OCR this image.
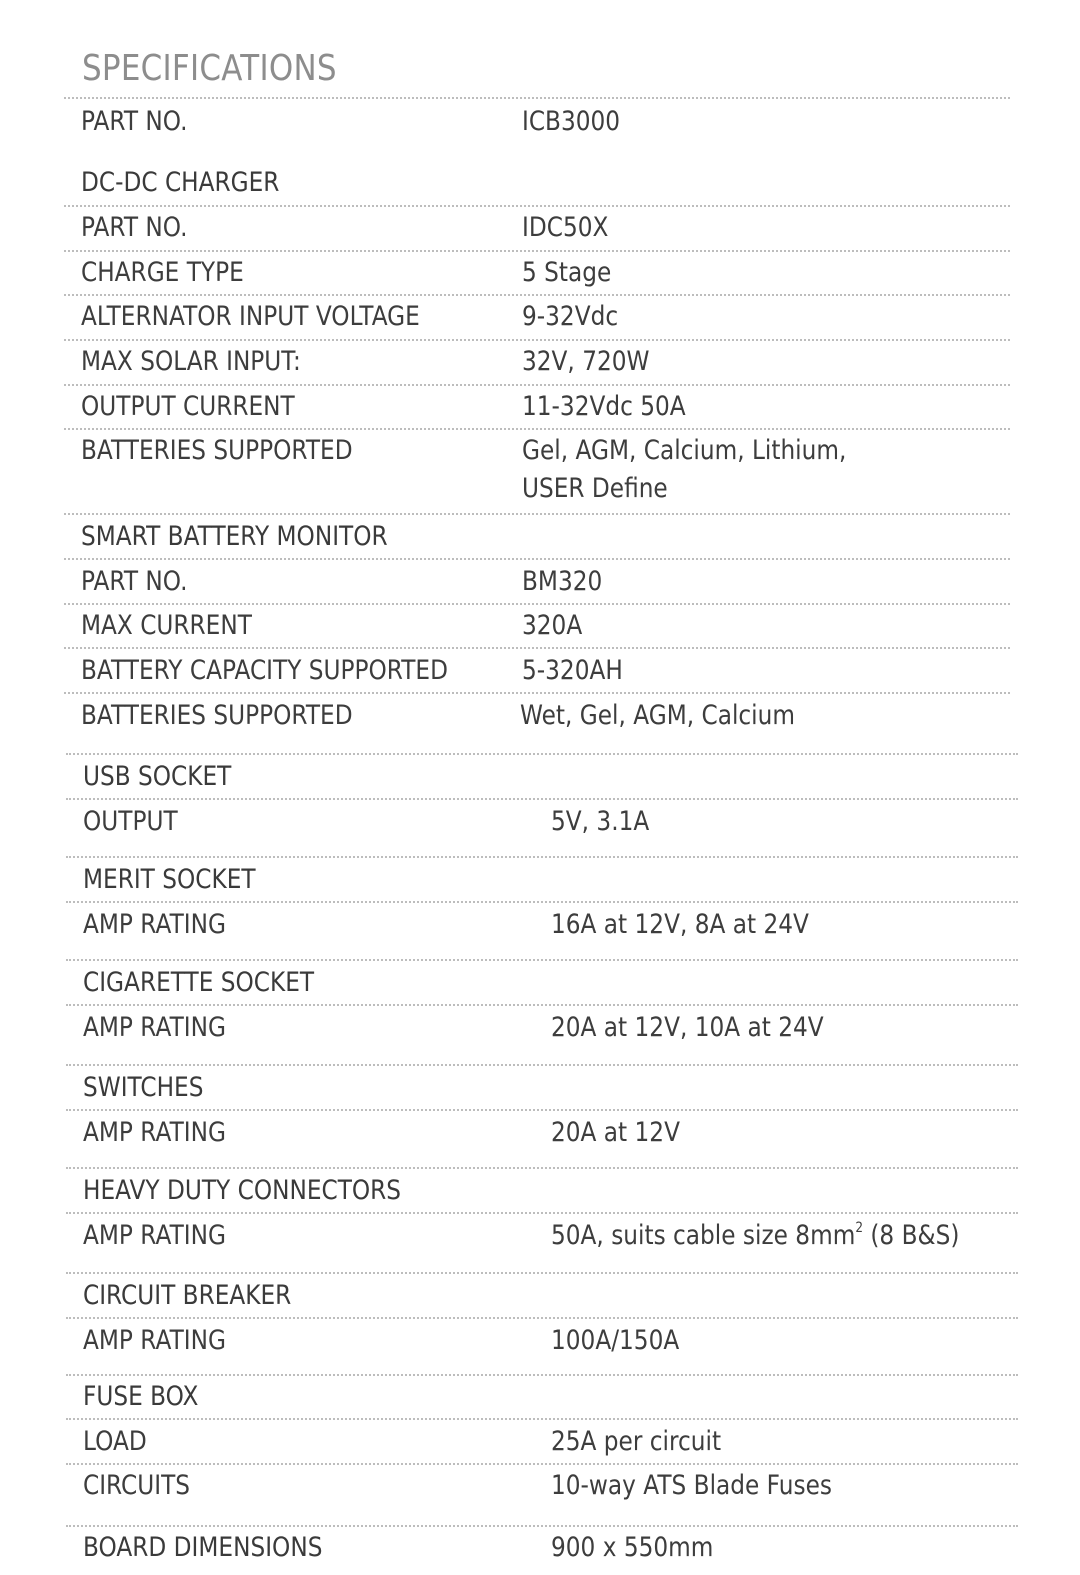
SPECIFICATIONS
PART NO.	ICB3000
DC-DC CHARGER
PART NO.	IDC50X
CHARGE TYPE	5 Stage
ALTERNATOR INPUT VOLTAGE	9-32Vdc
MAX SOLAR INPUT:	32V, 720W
OUTPUT CURRENT	11-32Vdc 50A
BATTERIES SUPPORTED	Gel, AGM, Calcium, Lithium,
USER Define
SMART BATTERY MONITOR
PART NO.	BM320
MAX CURRENT	320A
BATTERY CAPACITY SUPPORTED	5-320AH
BATTERIES SUPPORTED	Wet, Gel, AGM, Calcium
USB SOCKET
OUTPUT	5V, 3.1A
MERIT SOCKET
AMP RATING	16A at 12V, 8A at 24V
CIGARETTE SOCKET
AMP RATING	20A at 12V, 10A at 24V
SWITCHES
AMP RATING	20A at 12V
HEAVY DUTY CONNECTORS
AMP RATING	50A, suits cable size $8mm^2$ (8 B&S)
CIRCUIT BREAKER
AMP RATING	100A/150A
FUSE BOX
LOAD	25A per circuit
CIRCUITS	10-way ATS Blade Fuses
BOARD DIMENSIONS	900 x 550mm
